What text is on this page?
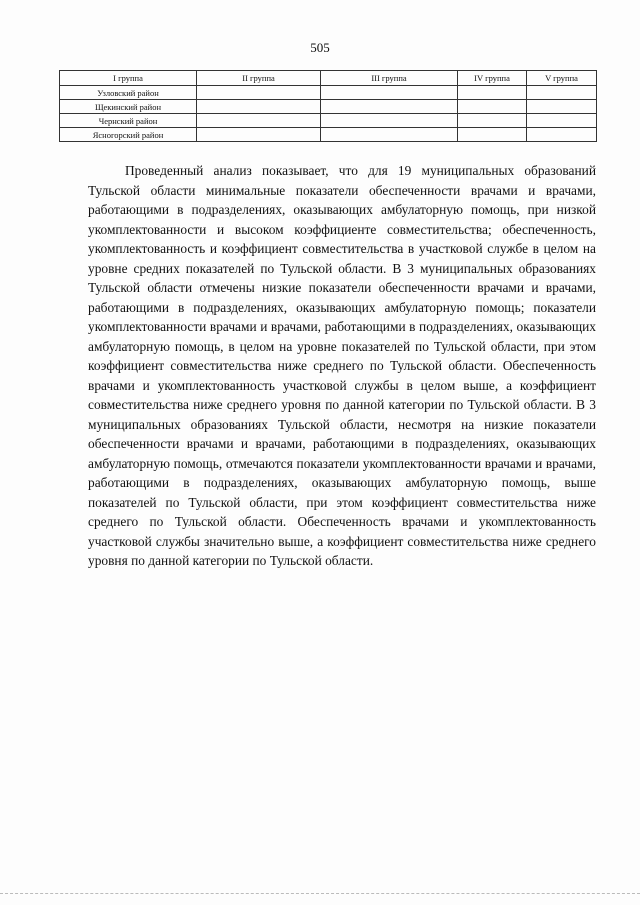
505
I группа	II группа	III группа	IV группа	V группа
Узловский район				
Щекинский район				
Чернский район				
Ясногорский район				

Проведенный анализ показывает, что для 19 муниципальных образований Тульской области минимальные показатели обеспеченности врачами и врачами, работающими в подразделениях, оказывающих амбулаторную помощь, при низкой укомплектованности и высоком коэффициенте совместительства; обеспеченность, укомплектованность и коэффициент совместительства в участковой службе в целом на уровне средних показателей по Тульской области. В 3 муниципальных образованиях Тульской области отмечены низкие показатели обеспеченности врачами и врачами, работающими в подразделениях, оказывающих амбулаторную помощь; показатели укомплектованности врачами и врачами, работающими в подразделениях, оказывающих амбулаторную помощь, в целом на уровне показателей по Тульской области, при этом коэффициент совместительства ниже среднего по Тульской области. Обеспеченность врачами и укомплектованность участковой службы в целом выше, а коэффициент совместительства ниже среднего уровня по данной категории по Тульской области. В 3 муниципальных образованиях Тульской области, несмотря на низкие показатели обеспеченности врачами и врачами, работающими в подразделениях, оказывающих амбулаторную помощь, отмечаются показатели укомплектованности врачами и врачами, работающими в подразделениях, оказывающих амбулаторную помощь, выше показателей по Тульской области, при этом коэффициент совместительства ниже среднего по Тульской области. Обеспеченность врачами и укомплектованность участковой службы значительно выше, а коэффициент совместительства ниже среднего уровня по данной категории по Тульской области.
